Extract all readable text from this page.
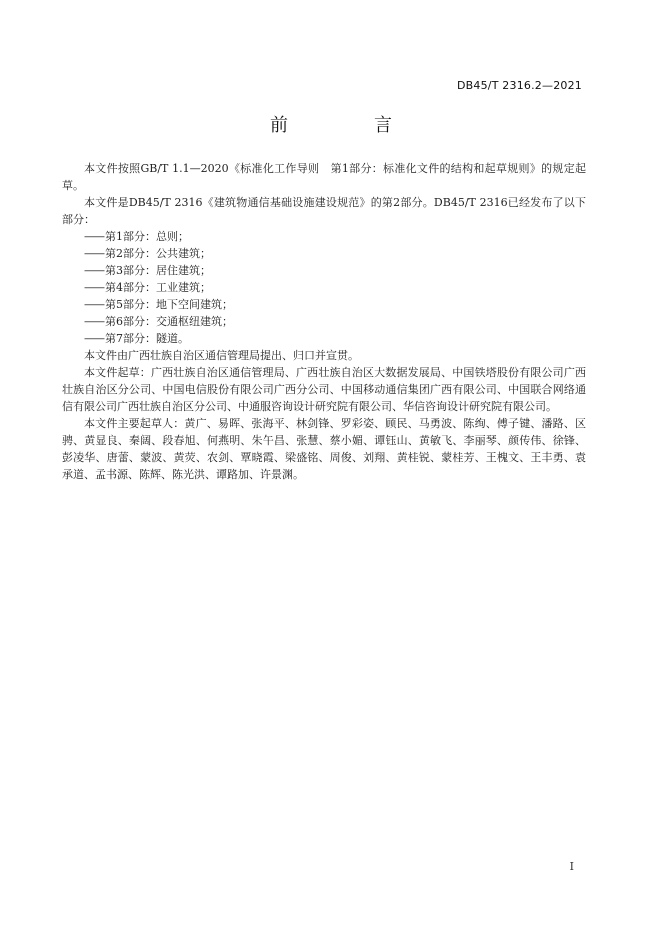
DB45/T 2316.2—2021
前　言

本文件按照GB/T 1.1—2020《标准化工作导则　第1部分：标准化文件的结构和起草规则》的规定起草。

本文件是DB45/T 2316《建筑物通信基础设施建设规范》的第2部分。DB45/T 2316已经发布了以下部分：

——第1部分：总则；
——第2部分：公共建筑；
——第3部分：居住建筑；
——第4部分：工业建筑；
——第5部分：地下空间建筑；
——第6部分：交通枢纽建筑；
——第7部分：隧道。

本文件由广西壮族自治区通信管理局提出、归口并宣贯。

本文件起草：广西壮族自治区通信管理局、广西壮族自治区大数据发展局、中国铁塔股份有限公司广西壮族自治区分公司、中国电信股份有限公司广西分公司、中国移动通信集团广西有限公司、中国联合网络通信有限公司广西壮族自治区分公司、中通服咨询设计研究院有限公司、华信咨询设计研究院有限公司。

本文件主要起草人：黄广、易晖、张海平、林剑锋、罗彩姿、顾民、马勇波、陈绚、傅子键、潘路、区骋、黄显良、秦阔、段春旭、何燕明、朱午昌、张慧、蔡小媚、谭钰山、黄敏飞、李丽琴、颜传伟、徐锋、彭凌华、唐蕾、蒙波、黄荧、农剑、覃晓霞、梁盛铭、周俊、刘翔、黄桂锐、蒙桂芳、王槐文、王丰勇、袁承道、孟书源、陈辉、陈光洪、谭路加、许景渊。

I
